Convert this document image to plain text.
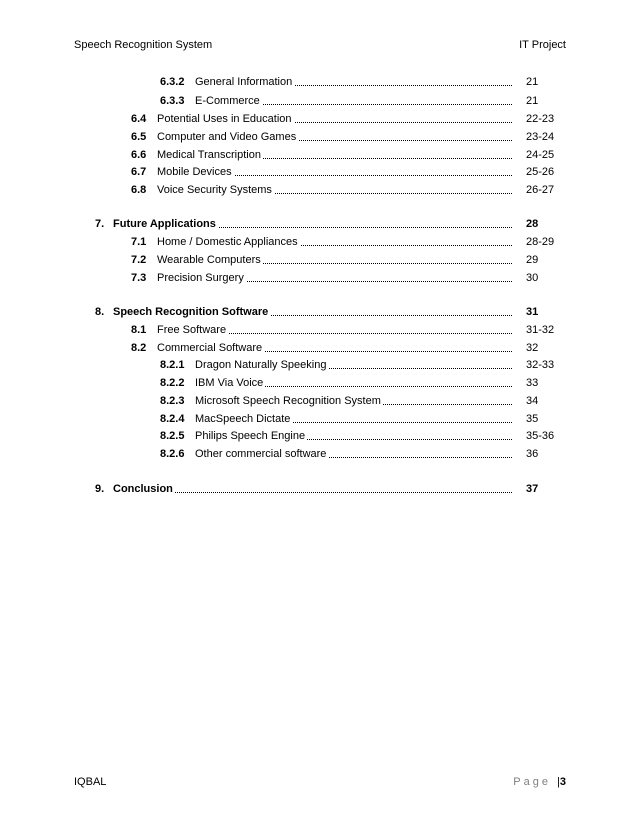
Speech Recognition System	IT Project
6.3.2 General Information	21
6.3.3 E-Commerce	21
6.4 Potential Uses in Education	22-23
6.5 Computer and Video Games	23-24
6.6 Medical Transcription	24-25
6.7 Mobile Devices	25-26
6.8 Voice Security Systems	26-27
7. Future Applications	28
7.1 Home / Domestic Appliances	28-29
7.2 Wearable Computers	29
7.3 Precision Surgery	30
8. Speech Recognition Software	31
8.1 Free Software	31-32
8.2 Commercial Software	32
8.2.1 Dragon Naturally Speeking	32-33
8.2.2 IBM Via Voice	33
8.2.3 Microsoft Speech Recognition System	34
8.2.4 MacSpeech Dictate	35
8.2.5 Philips Speech Engine	35-36
8.2.6 Other commercial software	36
9. Conclusion	37
IQBAL	Page |3
